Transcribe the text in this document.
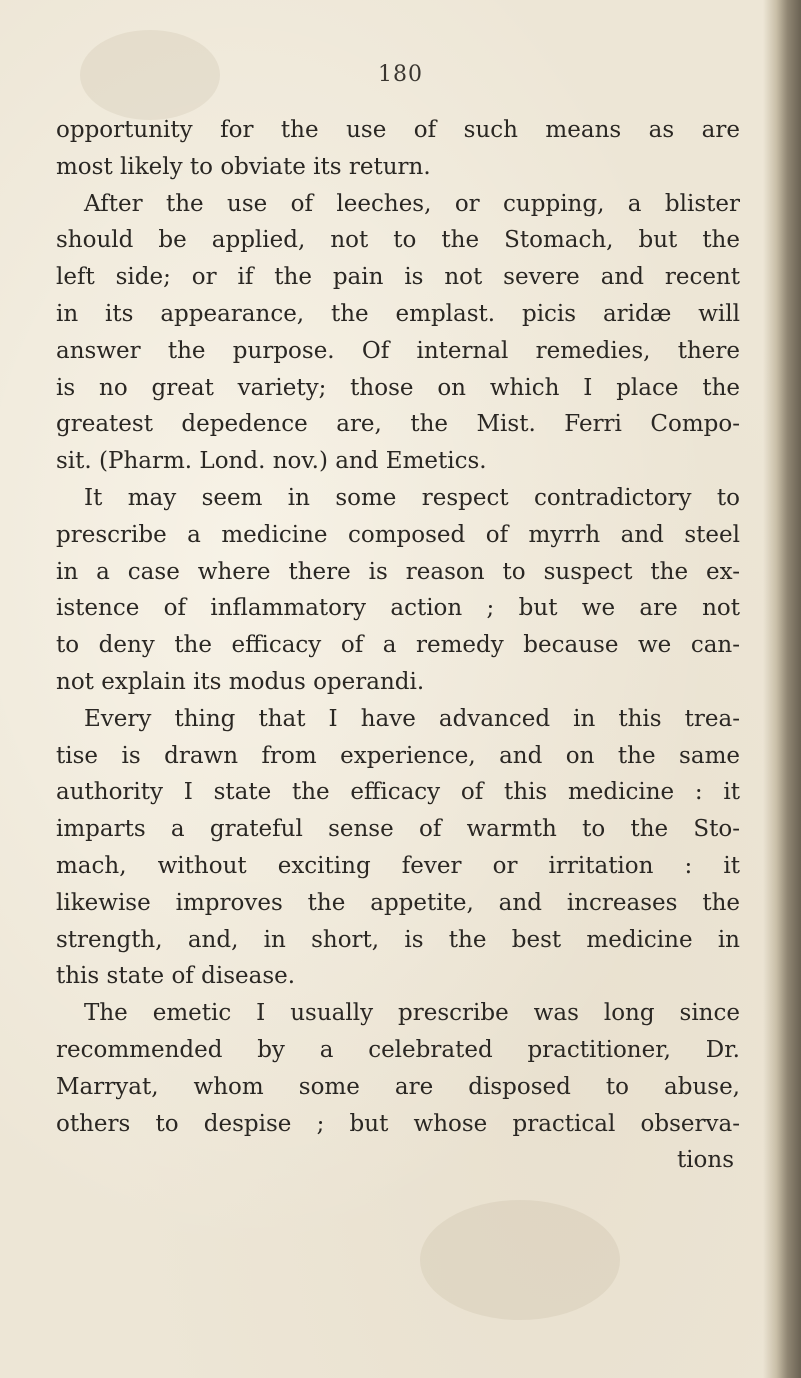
180
opportunity for the use of such means as are
most likely to obviate its return.
After the use of leeches, or cupping, a blister
should be applied, not to the Stomach, but the
left side; or if the pain is not severe and recent
in its appearance, the emplast. picis aridæ will
answer the purpose. Of internal remedies, there
is no great variety; those on which I place the
greatest depedence are, the Mist. Ferri Compo-
sit. (Pharm. Lond. nov.) and Emetics.
It may seem in some respect contradictory to
prescribe a medicine composed of myrrh and steel
in a case where there is reason to suspect the ex-
istence of inflammatory action ; but we are not
to deny the efficacy of a remedy because we can-
not explain its modus operandi.
Every thing that I have advanced in this trea-
tise is drawn from experience, and on the same
authority I state the efficacy of this medicine : it
imparts a grateful sense of warmth to the Sto-
mach, without exciting fever or irritation : it
likewise improves the appetite, and increases the
strength, and, in short, is the best medicine in
this state of disease.
The emetic I usually prescribe was long since
recommended by a celebrated practitioner, Dr.
Marryat, whom some are disposed to abuse,
others to despise ; but whose practical observa-
tions
